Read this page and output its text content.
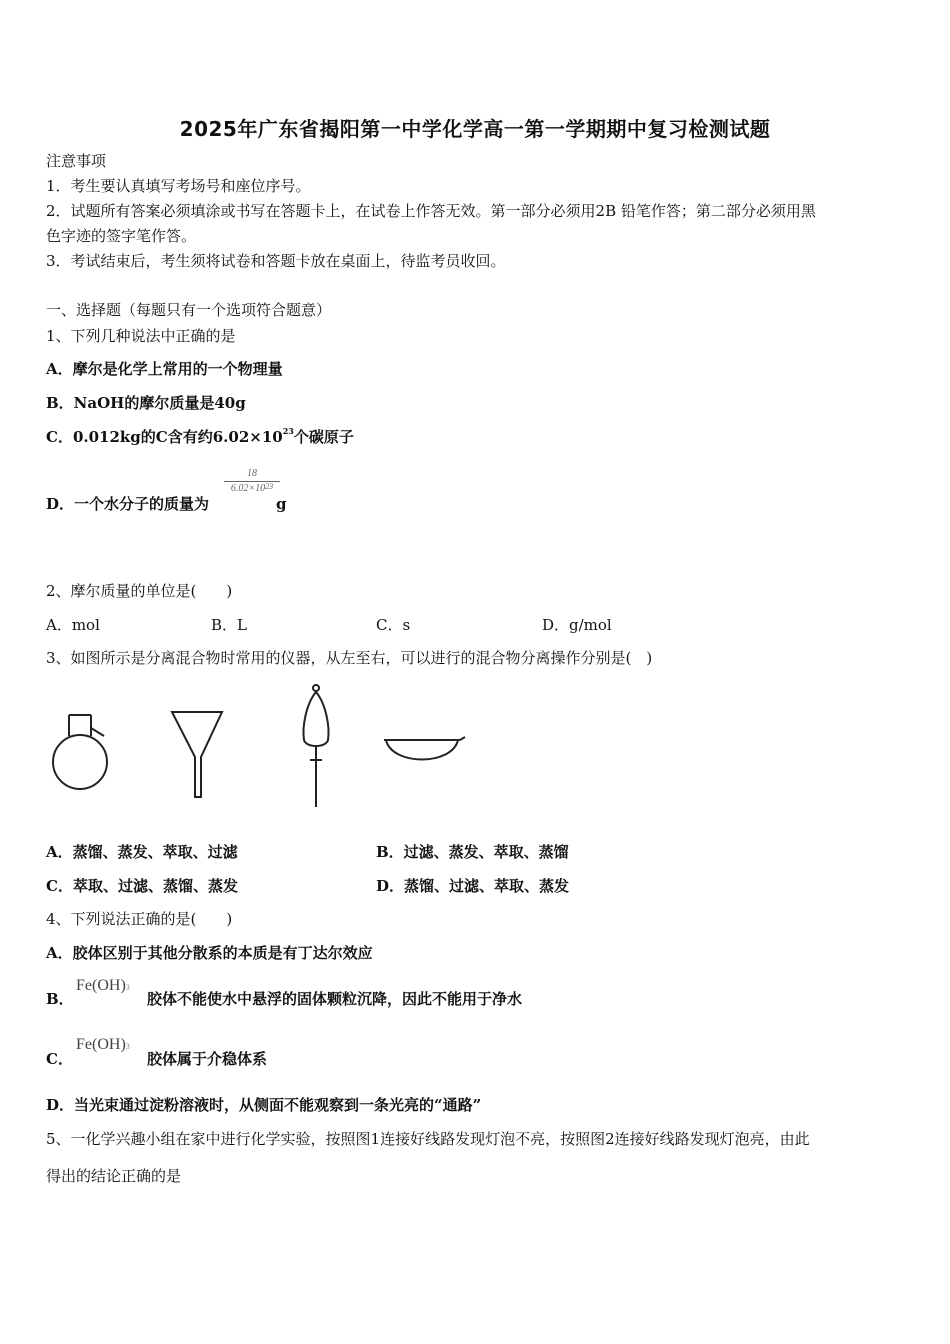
2025年广东省揭阳第一中学化学高一第一学期期中复习检测试题
注意事项
1．考生要认真填写考场号和座位序号。
2．试题所有答案必须填涂或书写在答题卡上，在试卷上作答无效。第一部分必须用2B 铅笔作答；第二部分必须用黑
色字迹的签字笔作答。
3．考试结束后，考生须将试卷和答题卡放在桌面上，待监考员收回。
一、选择题（每题只有一个选项符合题意）
1、下列几种说法中正确的是
A．摩尔是化学上常用的一个物理量
B．NaOH的摩尔质量是40g
C．0.012kg的C含有约$6.02\times 10^{23}$个碳原子
D．一个水分子的质量为
18
$6.02\times 10^{23}$
g
2、摩尔质量的单位是(　　)
A．mol	B．L	C．s	D．g/mol
3、如图所示是分离混合物时常用的仪器，从左至右，可以进行的混合物分离操作分别是(　)
A．蒸馏、蒸发、萃取、过滤	B．过滤、蒸发、萃取、蒸馏
C．萃取、过滤、蒸馏、蒸发	D．蒸馏、过滤、萃取、蒸发
4、下列说法正确的是(　　)
A．胶体区别于其他分散系的本质是有丁达尔效应
B．
Fe(OH)3
胶体不能使水中悬浮的固体颗粒沉降，因此不能用于净水
C．
Fe(OH)3
胶体属于介稳体系
D．当光束通过淀粉溶液时，从侧面不能观察到一条光亮的“通路”
5、一化学兴趣小组在家中进行化学实验，按照图1连接好线路发现灯泡不亮，按照图2连接好线路发现灯泡亮，由此
得出的结论正确的是
